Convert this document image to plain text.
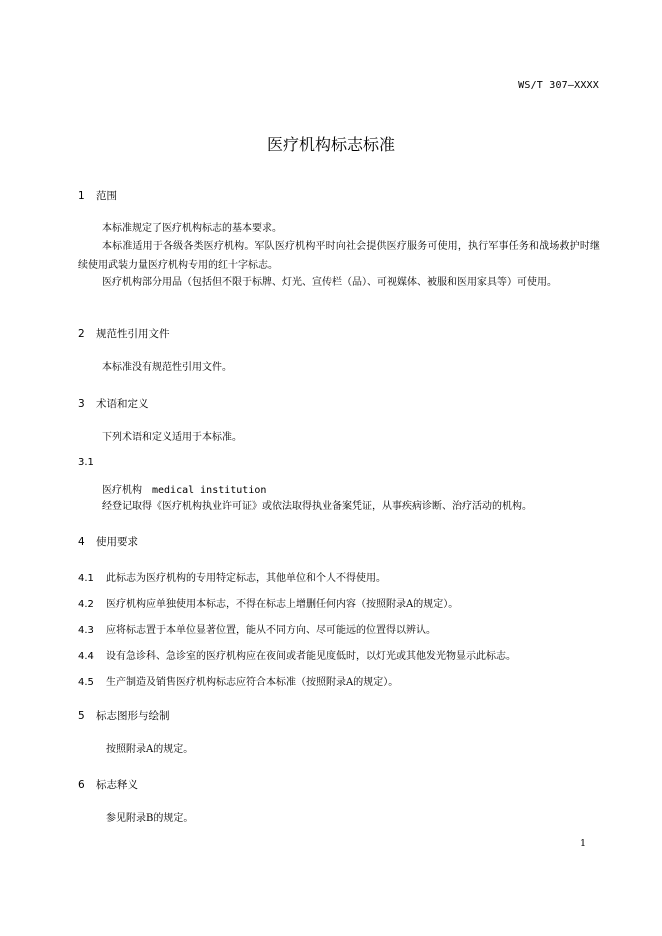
WS/T 307—XXXX
医疗机构标志标准
1 范围
本标准规定了医疗机构标志的基本要求。
本标准适用于各级各类医疗机构。军队医疗机构平时向社会提供医疗服务可使用，执行军事任务和战场救护时继续使用武装力量医疗机构专用的红十字标志。
医疗机构部分用品（包括但不限于标牌、灯光、宣传栏（品）、可视媒体、被服和医用家具等）可使用。
2 规范性引用文件
本标准没有规范性引用文件。
3 术语和定义
下列术语和定义适用于本标准。
3.1
医疗机构 medical institution
经登记取得《医疗机构执业许可证》或依法取得执业备案凭证，从事疾病诊断、治疗活动的机构。
4 使用要求
4.1 此标志为医疗机构的专用特定标志，其他单位和个人不得使用。
4.2 医疗机构应单独使用本标志，不得在标志上增删任何内容（按照附录A的规定）。
4.3 应将标志置于本单位显著位置，能从不同方向、尽可能远的位置得以辨认。
4.4 设有急诊科、急诊室的医疗机构应在夜间或者能见度低时，以灯光或其他发光物显示此标志。
4.5 生产制造及销售医疗机构标志应符合本标准（按照附录A的规定）。
5 标志图形与绘制
按照附录A的规定。
6 标志释义
参见附录B的规定。
1
